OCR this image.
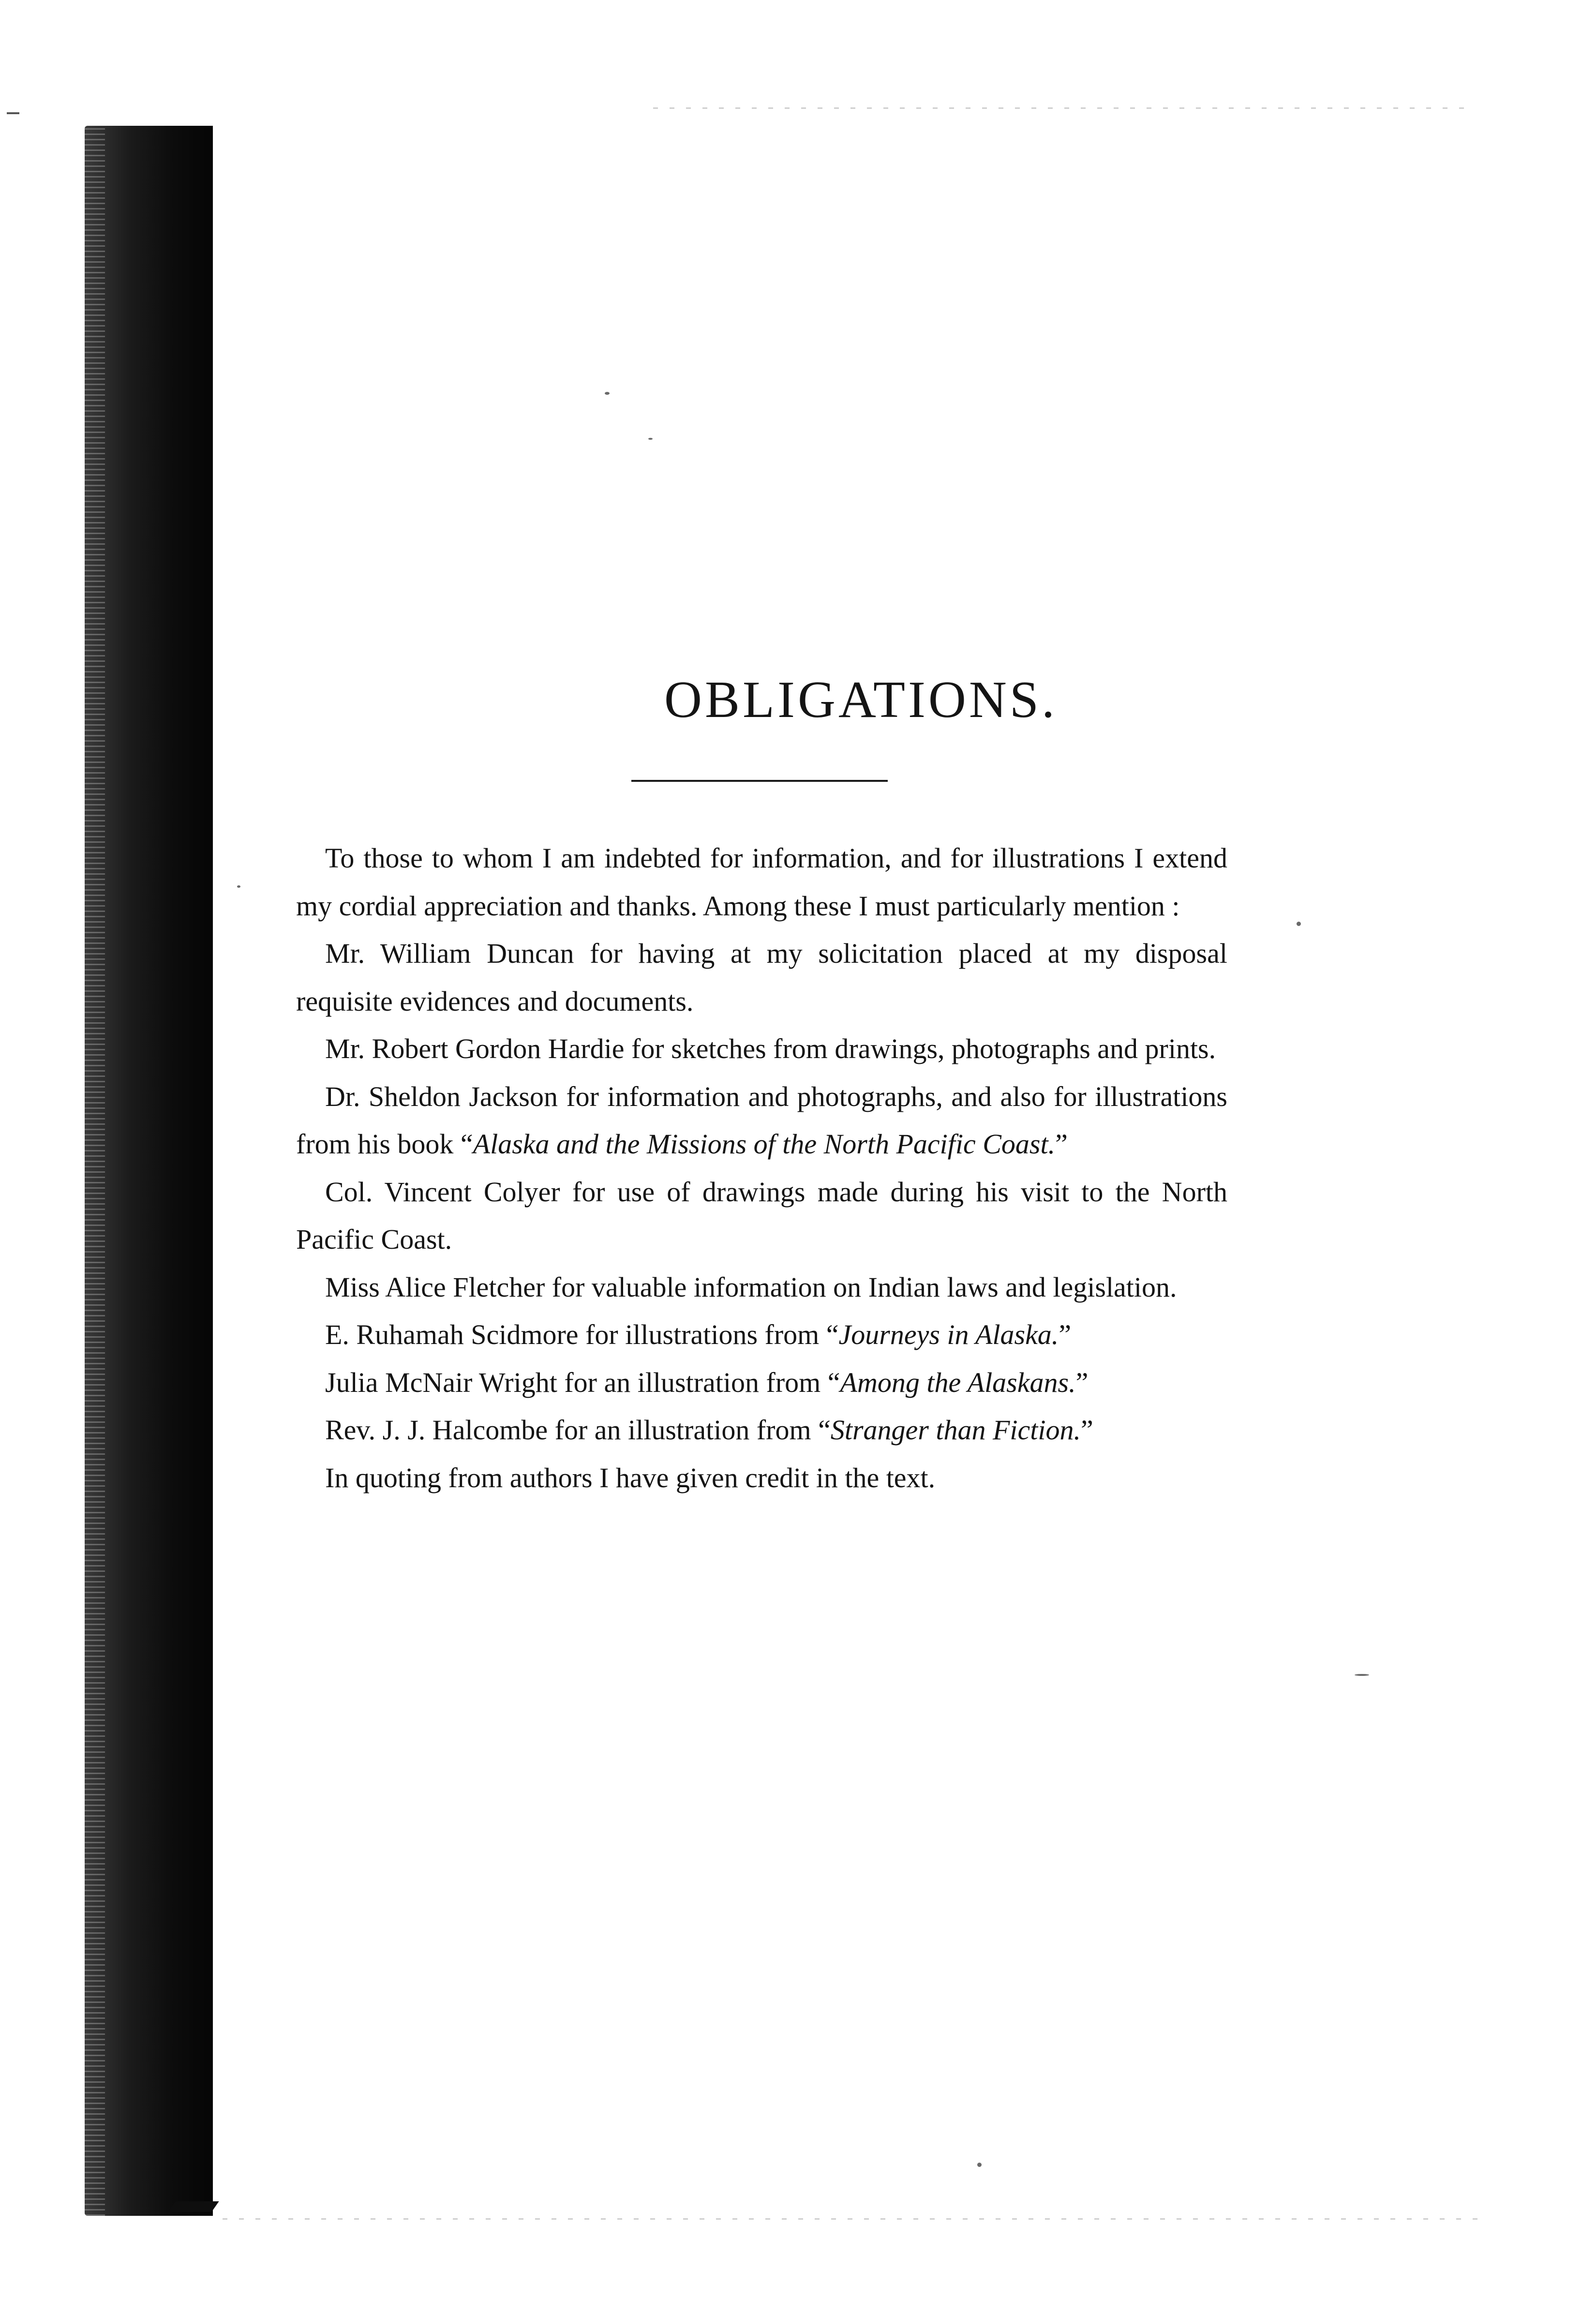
OBLIGATIONS.

To those to whom I am indebted for information, and for illustrations I extend my cordial appreciation and thanks. Among these I must particularly mention :

Mr. William Duncan for having at my solicitation placed at my disposal requisite evidences and documents.

Mr. Robert Gordon Hardie for sketches from drawings, photographs and prints.

Dr. Sheldon Jackson for information and photographs, and also for illustrations from his book “Alaska and the Missions of the North Pacific Coast.”

Col. Vincent Colyer for use of drawings made during his visit to the North Pacific Coast.

Miss Alice Fletcher for valuable information on Indian laws and legislation.

E. Ruhamah Scidmore for illustrations from “Journeys in Alaska.”

Julia McNair Wright for an illustration from “Among the Alaskans.”

Rev. J. J. Halcombe for an illustration from “Stranger than Fiction.”

In quoting from authors I have given credit in the text.
